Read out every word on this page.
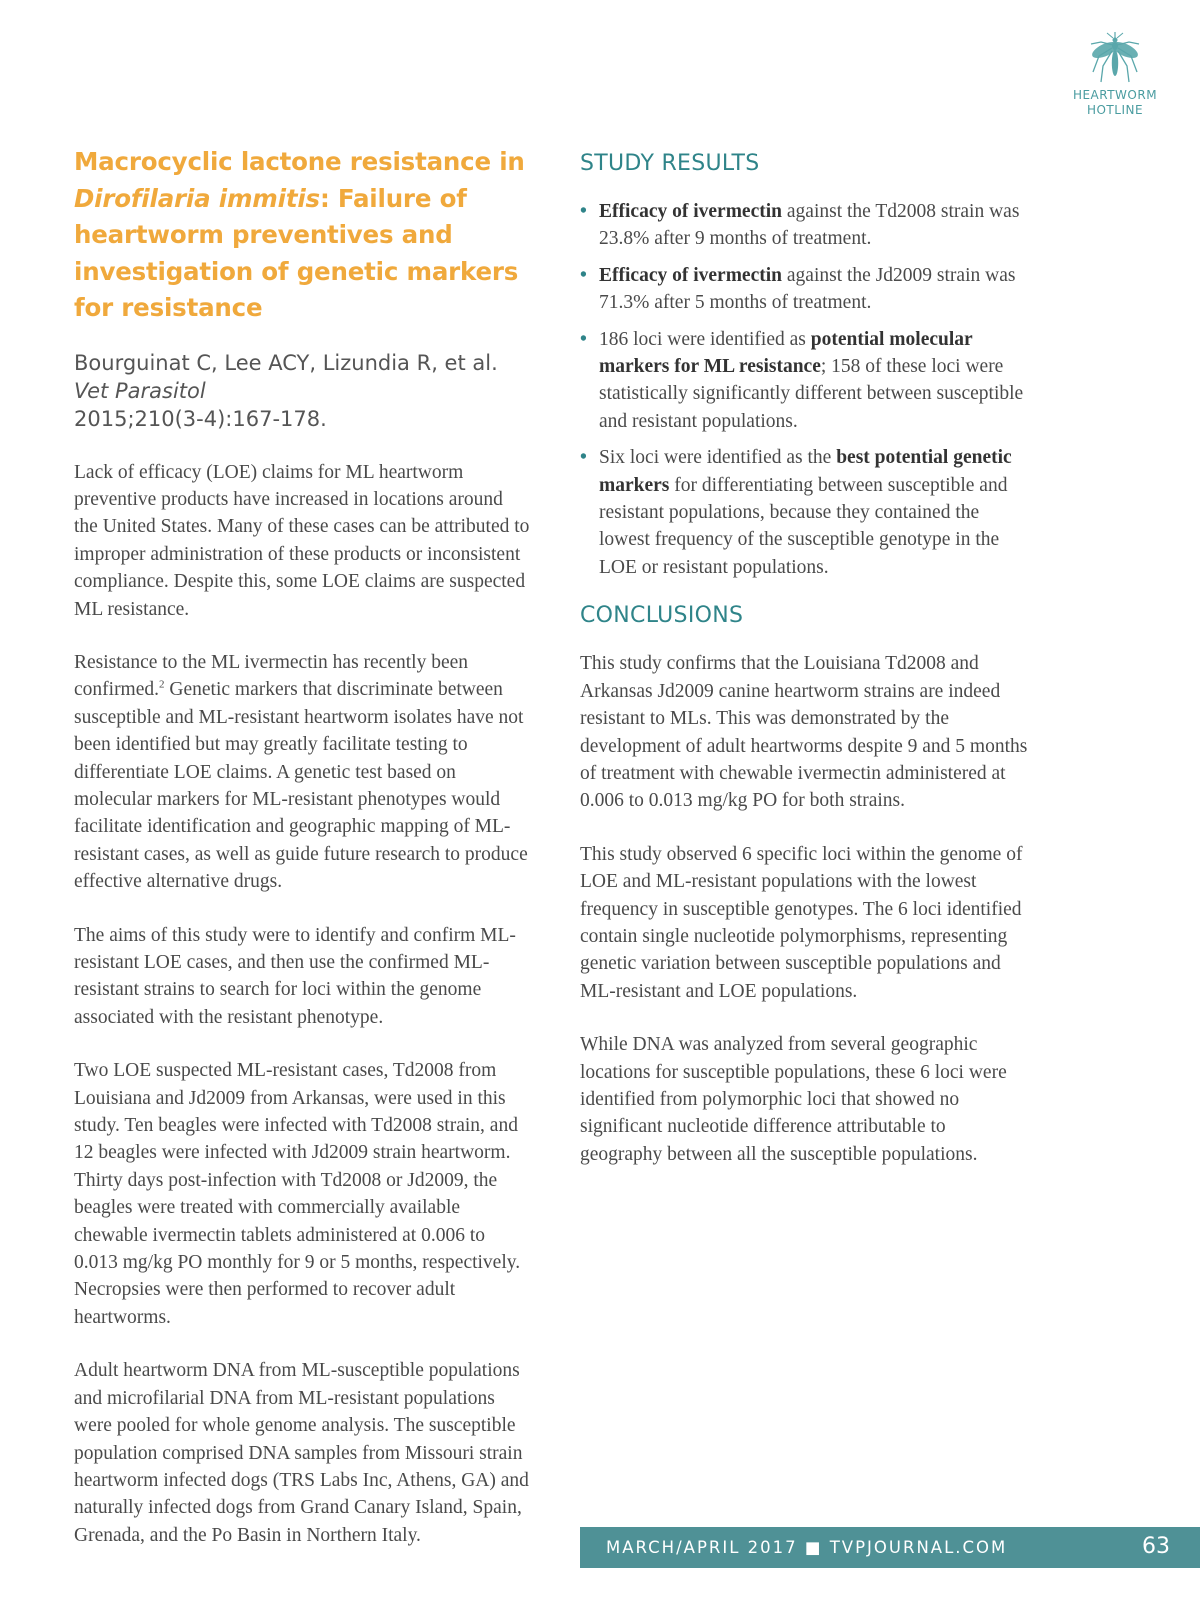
HEARTWORM
HOTLINE
Macrocyclic lactone resistance in Dirofilaria immitis: Failure of heartworm preventives and investigation of genetic markers for resistance
Bourguinat C, Lee ACY, Lizundia R, et al. Vet Parasitol
2015;210(3-4):167-178.

Lack of efficacy (LOE) claims for ML heartworm preventive products have increased in locations around the United States. Many of these cases can be attributed to improper administration of these products or inconsistent compliance. Despite this, some LOE claims are suspected ML resistance.

Resistance to the ML ivermectin has recently been confirmed.$^2$ Genetic markers that discriminate between susceptible and ML-resistant heartworm isolates have not been identified but may greatly facilitate testing to differentiate LOE claims. A genetic test based on molecular markers for ML-resistant phenotypes would facilitate identification and geographic mapping of ML-resistant cases, as well as guide future research to produce effective alternative drugs.

The aims of this study were to identify and confirm ML-resistant LOE cases, and then use the confirmed ML-resistant strains to search for loci within the genome associated with the resistant phenotype.

Two LOE suspected ML-resistant cases, Td2008 from Louisiana and Jd2009 from Arkansas, were used in this study. Ten beagles were infected with Td2008 strain, and 12 beagles were infected with Jd2009 strain heartworm. Thirty days post-infection with Td2008 or Jd2009, the beagles were treated with commercially available chewable ivermectin tablets administered at 0.006 to 0.013 mg/kg PO monthly for 9 or 5 months, respectively. Necropsies were then performed to recover adult heartworms.

Adult heartworm DNA from ML-susceptible populations and microfilarial DNA from ML-resistant populations were pooled for whole genome analysis. The susceptible population comprised DNA samples from Missouri strain heartworm infected dogs (TRS Labs Inc, Athens, GA) and naturally infected dogs from Grand Canary Island, Spain, Grenada, and the Po Basin in Northern Italy.

STUDY RESULTS
• Efficacy of ivermectin against the Td2008 strain was 23.8% after 9 months of treatment.
• Efficacy of ivermectin against the Jd2009 strain was 71.3% after 5 months of treatment.
• 186 loci were identified as potential molecular markers for ML resistance; 158 of these loci were statistically significantly different between susceptible and resistant populations.
• Six loci were identified as the best potential genetic markers for differentiating between susceptible and resistant populations, because they contained the lowest frequency of the susceptible genotype in the LOE or resistant populations.
CONCLUSIONS

This study confirms that the Louisiana Td2008 and Arkansas Jd2009 canine heartworm strains are indeed resistant to MLs. This was demonstrated by the development of adult heartworms despite 9 and 5 months of treatment with chewable ivermectin administered at 0.006 to 0.013 mg/kg PO for both strains.

This study observed 6 specific loci within the genome of LOE and ML-resistant populations with the lowest frequency in susceptible genotypes. The 6 loci identified contain single nucleotide polymorphisms, representing genetic variation between susceptible populations and ML-resistant and LOE populations.

While DNA was analyzed from several geographic locations for susceptible populations, these 6 loci were identified from polymorphic loci that showed no significant nucleotide difference attributable to geography between all the susceptible populations.

MARCH/APRIL 2017 ■ TVPJOURNAL.COM	63
